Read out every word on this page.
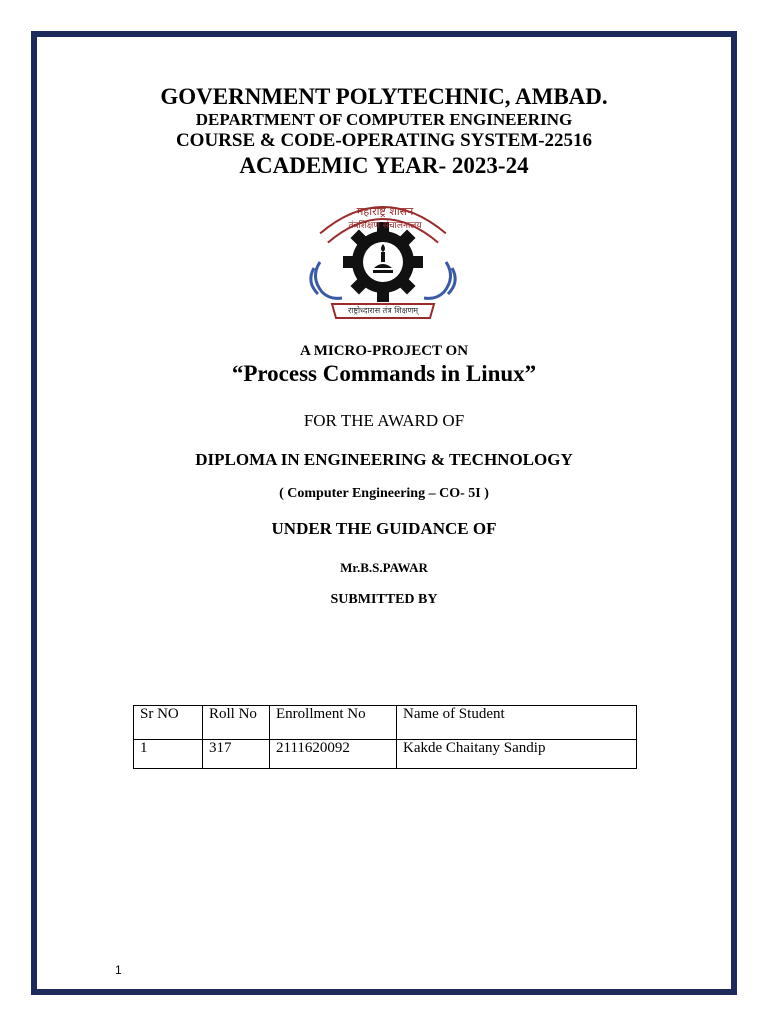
GOVERNMENT POLYTECHNIC, AMBAD.
DEPARTMENT OF COMPUTER ENGINEERING
COURSE & CODE-OPERATING SYSTEM-22516
ACADEMIC YEAR- 2023-24
महाराष्ट्र शासन
तंत्रशिक्षण संचालनालय
राष्ट्रोध्दारास तंत्र शिक्षणम्
A MICRO-PROJECT ON
“Process Commands in Linux”
FOR THE AWARD OF
DIPLOMA IN ENGINEERING & TECHNOLOGY
( Computer Engineering – CO- 5I )
UNDER THE GUIDANCE OF
Mr.B.S.PAWAR
SUBMITTED BY
Sr NO	Roll No	Enrollment No	Name of Student
1	317	2111620092	Kakde Chaitany Sandip
1
